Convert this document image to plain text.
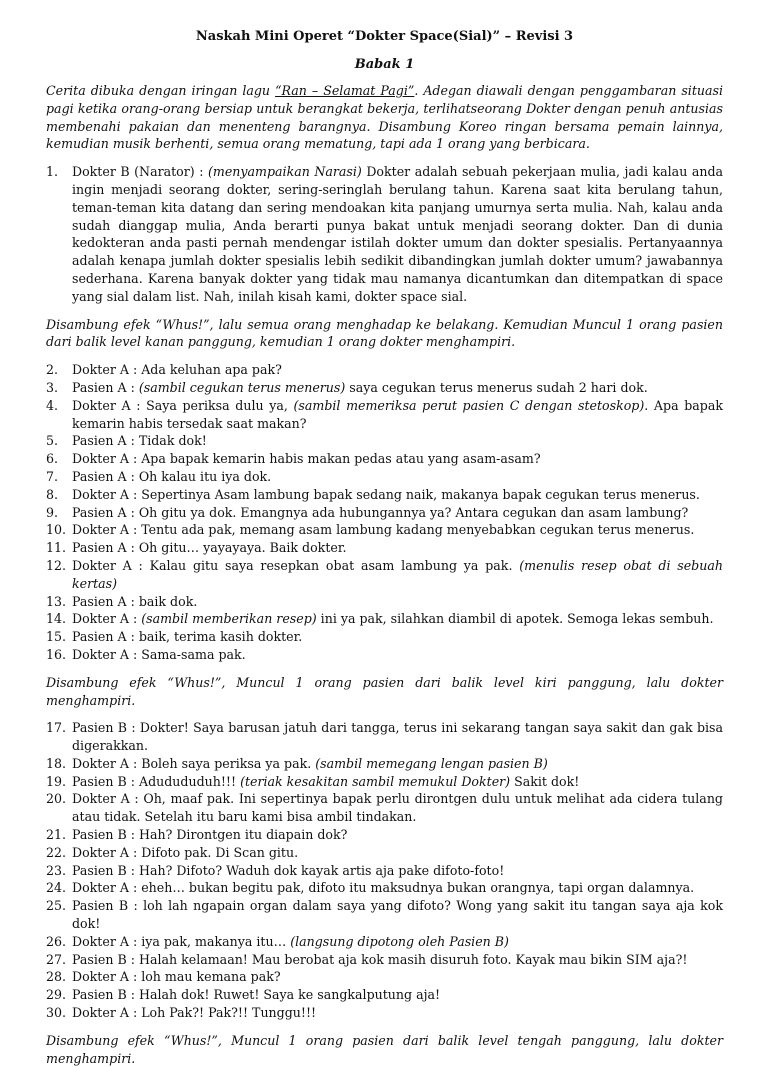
Naskah Mini Operet “Dokter Space(Sial)” – Revisi 3
Babak 1

Cerita dibuka dengan iringan lagu “Ran – Selamat Pagi”. Adegan diawali dengan penggambaran situasi pagi ketika orang-orang bersiap untuk berangkat bekerja, terlihatseorang Dokter dengan penuh antusias membenahi pakaian dan menenteng barangnya. Disambung Koreo ringan bersama pemain lainnya, kemudian musik berhenti, semua orang mematung, tapi ada 1 orang yang berbicara.

1. Dokter B (Narator) : (menyampaikan Narasi) Dokter adalah sebuah pekerjaan mulia, jadi kalau anda ingin menjadi seorang dokter, sering-seringlah berulang tahun. Karena saat kita berulang tahun, teman-teman kita datang dan sering mendoakan kita panjang umurnya serta mulia. Nah, kalau anda sudah dianggap mulia, Anda berarti punya bakat untuk menjadi seorang dokter. Dan di dunia kedokteran anda pasti pernah mendengar istilah dokter umum dan dokter spesialis. Pertanyaannya adalah kenapa jumlah dokter spesialis lebih sedikit dibandingkan jumlah dokter umum? jawabannya sederhana. Karena banyak dokter yang tidak mau namanya dicantumkan dan ditempatkan di space yang sial dalam list. Nah, inilah kisah kami, dokter space sial.

Disambung efek “Whus!”, lalu semua orang menghadap ke belakang. Kemudian Muncul 1 orang pasien dari balik level kanan panggung, kemudian 1 orang dokter menghampiri.

2. Dokter A : Ada keluhan apa pak?
3. Pasien A : (sambil cegukan terus menerus) saya cegukan terus menerus sudah 2 hari dok.
4. Dokter A : Saya periksa dulu ya, (sambil memeriksa perut pasien C dengan stetoskop). Apa bapak kemarin habis tersedak saat makan?
5. Pasien A : Tidak dok!
6. Dokter A : Apa bapak kemarin habis makan pedas atau yang asam-asam?
7. Pasien A : Oh kalau itu iya dok.
8. Dokter A : Sepertinya Asam lambung bapak sedang naik, makanya bapak cegukan terus menerus.
9. Pasien A : Oh gitu ya dok. Emangnya ada hubungannya ya? Antara cegukan dan asam lambung?
10. Dokter A : Tentu ada pak, memang asam lambung kadang menyebabkan cegukan terus menerus.
11. Pasien A : Oh gitu… yayayaya. Baik dokter.
12. Dokter A : Kalau gitu saya resepkan obat asam lambung ya pak. (menulis resep obat di sebuah kertas)
13. Pasien A : baik dok.
14. Dokter A : (sambil memberikan resep) ini ya pak, silahkan diambil di apotek. Semoga lekas sembuh.
15. Pasien A : baik, terima kasih dokter.
16. Dokter A : Sama-sama pak.

Disambung efek “Whus!”, Muncul 1 orang pasien dari balik level kiri panggung, lalu dokter menghampiri.

17. Pasien B : Dokter! Saya barusan jatuh dari tangga, terus ini sekarang tangan saya sakit dan gak bisa digerakkan.
18. Dokter A : Boleh saya periksa ya pak. (sambil memegang lengan pasien B)
19. Pasien B : Adudududuh!!! (teriak kesakitan sambil memukul Dokter) Sakit dok!
20. Dokter A : Oh, maaf pak. Ini sepertinya bapak perlu dirontgen dulu untuk melihat ada cidera tulang atau tidak. Setelah itu baru kami bisa ambil tindakan.
21. Pasien B : Hah? Dirontgen itu diapain dok?
22. Dokter A : Difoto pak. Di Scan gitu.
23. Pasien B : Hah? Difoto? Waduh dok kayak artis aja pake difoto-foto!
24. Dokter A : eheh… bukan begitu pak, difoto itu maksudnya bukan orangnya, tapi organ dalamnya.
25. Pasien B : loh lah ngapain organ dalam saya yang difoto? Wong yang sakit itu tangan saya aja kok dok!
26. Dokter A : iya pak, makanya itu… (langsung dipotong oleh Pasien B)
27. Pasien B : Halah kelamaan! Mau berobat aja kok masih disuruh foto. Kayak mau bikin SIM aja?!
28. Dokter A : loh mau kemana pak?
29. Pasien B : Halah dok! Ruwet! Saya ke sangkalputung aja!
30. Dokter A : Loh Pak?! Pak?!! Tunggu!!!

Disambung efek “Whus!”, Muncul 1 orang pasien dari balik level tengah panggung, lalu dokter menghampiri.
